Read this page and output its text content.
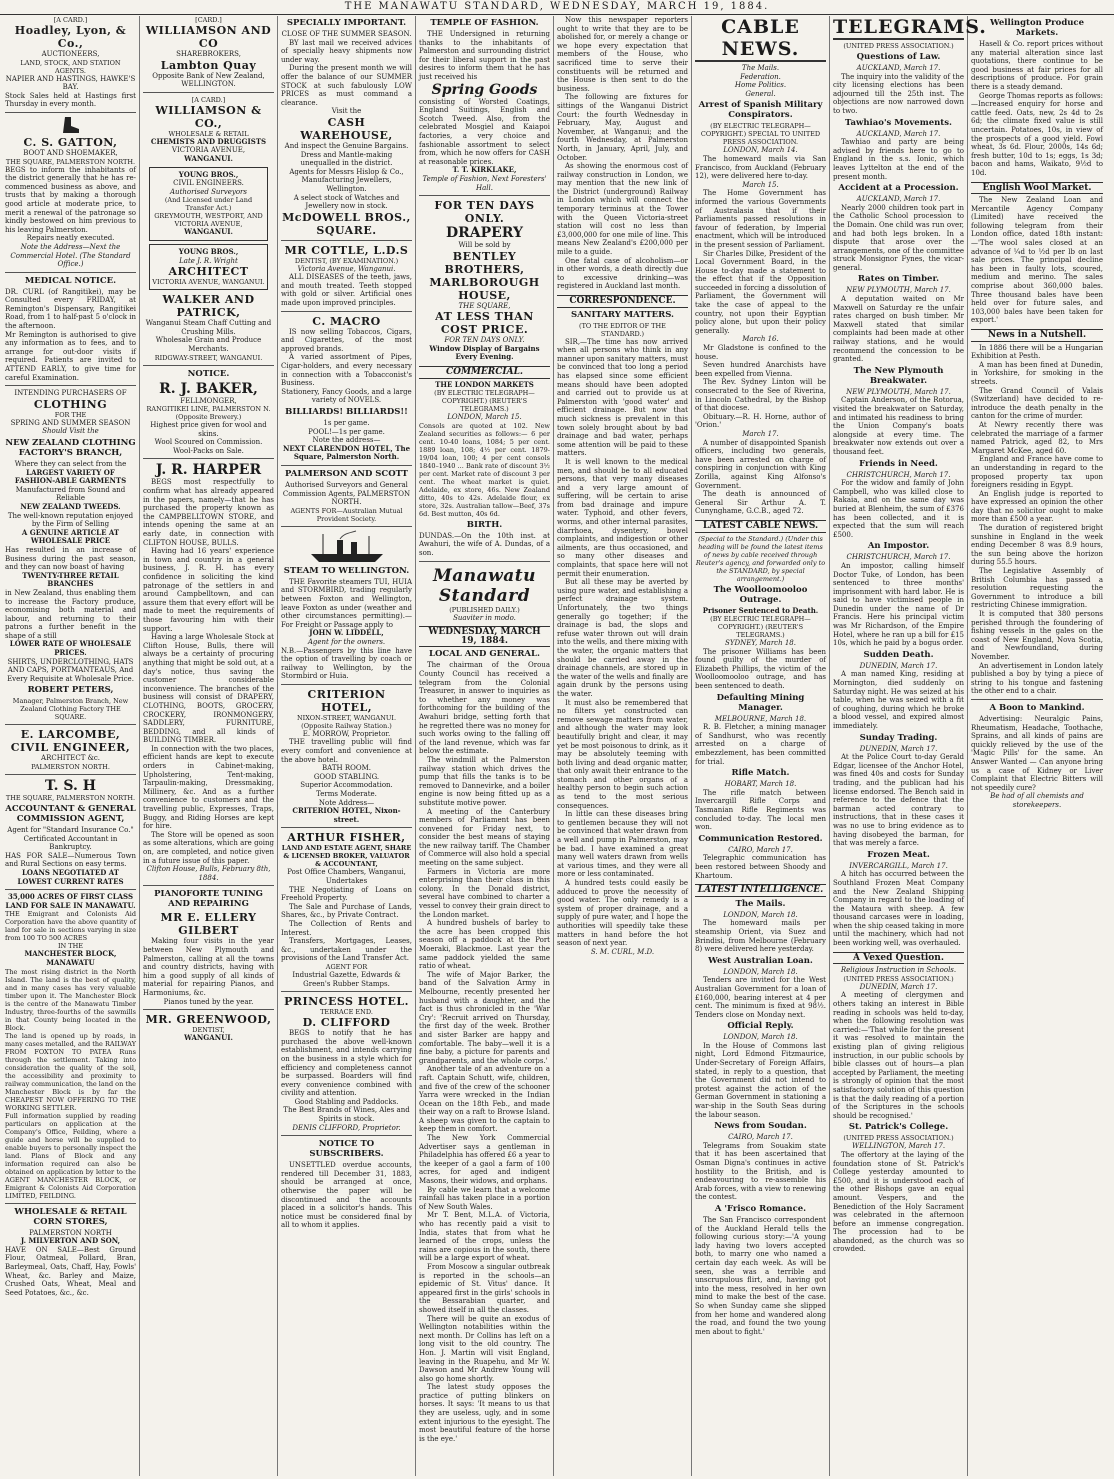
THE MANAWATU STANDARD, WEDNESDAY, MARCH 19, 1884.
[A CARD.]
Hoadley, Lyon, & Co.,
AUCTIONEERS,
LAND, STOCK, AND STATION AGENTS.
NAPIER AND HASTINGS, HAWKE'S BAY.
Stock Sales held at Hastings first Thursday in every month.
C. S. GATTON,
BOOT AND SHOEMAKER,
THE SQUARE, PALMERSTON NORTH.
BEGS to inform the inhabitants of the district generally that he has re-commenced business as above, and trusts that by making a thorough good article at moderate price, to merit a renewal of the patronage so kindly bestowed on him previous to his leaving Palmerston.
Repairs neatly executed.
Note the Address—Next the Commercial Hotel. (The Standard Office.)
MEDICAL NOTICE.
DR. CURL (of Rangitikei), may be Consulted every FRIDAY, at Remington's Dispensary, Rangitikei Road, from 1 to half-past 5 o'clock in the afternoon.
Mr Remington is authorised to give any information as to fees, and to arrange for out-door visits if required. Patients are invited to ATTEND EARLY, to give time for careful Examination.
INTENDING PURCHASERS OF
CLOTHING
FOR THE
SPRING AND SUMMER SEASON
Should Visit the
NEW ZEALAND CLOTHING FACTORY'S BRANCH,
Where they can select from the
LARGEST VARIETY OF FASHION-ABLE GARMENTS
Manufactured from Sound and Reliable
NEW ZEALAND TWEEDS.
The well-known reputation enjoyed by the Firm of Selling
A GENUINE ARTICLE AT WHOLESALE PRICE
Has resulted in an increase of Business during the past season, and they can now boast of having
TWENTY-THREE RETAIL BRANCHES
in New Zealand, thus enabling them to increase the Factory produce, economising both material and labour, and returning to their patrons a further benefit in the shape of a still
LOWER RATE OF WHOLESALE PRICES.
SHIRTS, UNDERCLOTHING, HATS AND CAPS, PORTMANTEAUS, And Every Requisite at Wholesale Price.
ROBERT PETERS,
Manager, Palmerston Branch, New Zealand Clothing Factory THE SQUARE.
E. LARCOMBE,
CIVIL ENGINEER,
ARCHITECT &c.
PALMERSTON NORTH.
T. S. H
THE SQUARE, PALMERSTON NORTH.
ACCOUNTANT & GENERAL COMMISSION AGENT,
Agent for "Standard Insurance Co."
Certificated Accountant in Bankruptcy.
HAS FOR SALE—Numerous Town and Rural Sections on easy terms.
LOANS NEGOTIATED AT LOWEST CURRENT RATES
35,000 ACRES OF FIRST CLASS LAND FOR SALE IN MANAWATU.
THE Emigrant and Colonists Aid Corporation have the above quantity of land for sale in sections varying in size from 100 TO 500 ACRES
IN THE
MANCHESTER BLOCK, MANAWATU
The most rising district in the North Island. The land is the best of quality, and in many cases has very valuable timber upon it. The Manchester Block is the centre of the Manawatu Timber Industry, three-fourths of the sawmills in that County being located in the Block.
The land is opened up by roads, in many cases metalled, and the RAILWAY FROM FOXTON TO PATEA Runs through the settlement. Taking into consideration the quality of the soil, the accessibility and proximity to railway communication, the land on the Manchester Block is by far the CHEAPEST NOW OFFERING TO THE WORKING SETTLER.
Full information supplied by reading particulars on application at the Company's Office, Feilding, where a guide and horse will be supplied to enable buyers to personally inspect the land. Plans of Block and any information required can also be obtained on application by letter to the AGENT MANCHESTER BLOCK, or Emigrant & Colonists Aid Corporation LIMITED, FEILDING.
WHOLESALE & RETAIL CORN STORES,
PALMERSTON NORTH
J. MILVERTON AND SON,
HAVE ON SALE—Best Ground Flour, Oatmeal, Pollard, Bran, Barleymeal, Oats, Chaff, Hay, Fowls' Wheat, &c. Barley and Maize, Crushed Oats, Wheat, Meal and Seed Potatoes, &c., &c.
[CARD.]
WILLIAMSON AND CO
SHAREBROKERS,
Lambton Quay
Opposite Bank of New Zealand, WELLINGTON.
[A CARD.]
WILLIAMSON & CO.,
WHOLESALE & RETAIL
CHEMISTS AND DRUGGISTS
VICTORIA AVENUE,
WANGANUI.
YOUNG BROS.,
CIVIL ENGINEERS.
Authorised Surveyors
(And Licensed under Land Transfer Act.)
GREYMOUTH, WESTPORT, AND VICTORIA AVENUE,
WANGANUI.
YOUNG BROS.,
Late J. R. Wright
ARCHITECT
VICTORIA AVENUE, WANGANUI.
WALKER AND PATRICK,
Wanganui Steam Chaff Cutting and Crushing Mills.
Wholesale Grain and Produce Merchants.
RIDGWAY-STREET, WANGANUI.
NOTICE.
R. J. BAKER,
FELLMONGER,
RANGITIKEI LINE, PALMERSTON N. (Opposite Brewery.)
Highest price given for wool and skins.
Wool Scoured on Commission.
Wool-Packs on Sale.
J. R. HARPER
BEGS most respectfully to confirm what has already appeared in the papers, namely—that he has purchased the property known as the CAMPBELLTOWN STORE, and intends opening the same at an early date, in connection with CLIFTON HOUSE, BULLS.
Having had 16 years' experience in town and country in a general business, J. R. H. has every confidence in soliciting the kind patronage of the settlers in and around Campbelltown, and can assure them that every effort will be made to meet the requirements of those favouring him with their support.
Having a large Wholesale Stock at Clifton House, Bulls, there will always be a certainty of procuring anything that might be sold out, at a day's notice, thus saving the customer considerable inconvenience. The branches of the business will consist of DRAPERY, CLOTHING, BOOTS, GROCERY, CROCKERY, IRONMONGERY, SADDLERY, FURNITURE, BEDDING, and all kinds of BUILDING TIMBER.
In connection with the two places, efficient hands are kept to execute orders in Cabinet-making, Upholstering, Tent-making, Tarpaulin-making, Dressmaking, Millinery, &c. And as a further convenience to customers and the travelling public, Expresses, Traps, Buggy, and Riding Horses are kept for hire.
The Store will be opened as soon as some alterations, which are going on, are completed, and notice given in a future issue of this paper.
Clifton House, Bulls, February 8th, 1884.
PIANOFORTE TUNING AND REPAIRING
MR E. ELLERY GILBERT
Making four visits in the year between New Plymouth and Palmerston, calling at all the towns and country districts, having with him a good supply of all kinds of material for repairing Pianos, and Harmoniums, &c.
Pianos tuned by the year.
MR. GREENWOOD,
DENTIST,
WANGANUI.
SPECIALLY IMPORTANT.
CLOSE OF THE SUMMER SEASON.
BY last mail we received advices of specially heavy shipments now under way.
During the present month we will offer the balance of our SUMMER STOCK at such fabulously LOW PRICES as must command a clearance.
Visit the
CASH WAREHOUSE,
And inspect the Genuine Bargains.
Dress and Mantle-making unequalled in the district.
Agents for Messrs Hislop & Co., Manufacturing Jewellers, Wellington.
A select stock of Watches and Jewellery now in stock.
McDOWELL BROS.,
SQUARE.
MR COTTLE, L.D.S
DENTIST, (BY EXAMINATION.)
Victoria Avenue, Wanganui.
ALL DISEASES of the teeth, jaws, and mouth treated. Teeth stopped with gold or silver. Artificial ones made upon improved principles.
C. MACRO
IS now selling Tobaccos, Cigars, and Cigarettes, of the most approved brands.
A varied assortment of Pipes, Cigar-holders, and every necessary in connection with a Tobacconist's Business.
Stationery, Fancy Goods, and a large variety of NOVELS.
BILLIARDS! BILLIARDS!!
1s per game.
POOL!—1s per game.
Note the address—
NEXT CLARENDON HOTEL, The Square, Palmerston North.
PALMERSON AND SCOTT
Authorised Surveyors and General Commission Agents, PALMERSTON NORTH.
AGENTS FOR—Australian Mutual Provident Society.
STEAM TO WELLINGTON.
THE Favorite steamers TUI, HUIA and STORMBIRD, trading regularly between Foxton and Wellington, leave Foxton as under (weather and other circumstances permitting).—For Freight or Passage apply to
JOHN W. LIDDELL,
Agent for the owners.
N.B.—Passengers by this line have the option of travelling by coach or railway to Wellington, by the Stormbird or Huia.
CRITERION HOTEL,
NIXON-STREET, WANGANUI. (Opposite Railway Station.)
E. MORROW, Proprietor.
THE travelling public will find every comfort and convenience at the above hotel.
BATH ROOM.
GOOD STABLING.
Superior Accommodation.
Terms Moderate.
Note Address—
CRITERION HOTEL, Nixon-street.
ARTHUR FISHER,
LAND AND ESTATE AGENT, SHARE & LICENSED BROKER, VALUATOR & ACCOUNTANT,
Post Office Chambers, Wanganui, Undertakes
THE Negotiating of Loans on Freehold Property.
The Sale and Purchase of Lands, Shares, &c., by Private Contract.
The Collection of Rents and Interest.
Transfers, Mortgages, Leases, &c., undertaken under the provisions of the Land Transfer Act.
AGENT FOR
Industrial Gazette, Edwards & Green's Rubber Stamps.
PRINCESS HOTEL.
TERRACE END.
D. CLIFFORD
BEGS to notify that he has purchased the above well-known establishment, and intends carrying on the business in a style which for efficiency and completeness cannot be surpassed. Boarders will find every convenience combined with civility and attention.
Good Stabling and Paddocks.
The Best Brands of Wines, Ales and Spirits in stock.
DENIS CLIFFORD, Proprietor.
NOTICE TO SUBSCRIBERS.
UNSETTLED overdue accounts, rendered till December 31, 1883, should be arranged at once, otherwise the paper will be discontinued and the accounts placed in a solicitor's hands. This notice must be considered final by all to whom it applies.
TEMPLE OF FASHION.
THE Undersigned in returning thanks to the inhabitants of Palmerston and surrounding district for their liberal support in the past desires to inform them that he has just received his
Spring Goods
consisting of Worsted Coatings, England Suitings, English and Scotch Tweed. Also, from the celebrated Mosgiel and Kaiapoi factories, a very choice and fashionable assortment to select from, which he now offers for CASH at reasonable prices.
T. T. KIRKLAKE,
Temple of Fashion, Next Foresters' Hall.
FOR TEN DAYS ONLY.
DRAPERY
Will be sold by
BENTLEY BROTHERS,
MARLBOROUGH HOUSE,
THE SQUARE,
AT LESS THAN COST PRICE.
FOR TEN DAYS ONLY.
Window Display of Bargains Every Evening.
COMMERCIAL.
THE LONDON MARKETS
(BY ELECTRIC TELEGRAPH—COPYRIGHT.) (REUTER'S TELEGRAMS.)
LONDON, March 15.
Consols are quoted at 102. New Zealand securities as follows:— 6 per cent. 10-40 loans, 1084; 5 per cent. 1889 loan, 108; 4½ per cent. 1879-19/04 loan, 100; 4 per cent consols 1840–1940 ... Bank rate of discount 3½ per cent. Market rate of discount 3 per cent. The wheat market is quiet. Adelaide, ex store, 46s. New Zealand ditto, 40s to 42s. Adelaide flour, ex store, 32s. Australian tallow—Beef, 37s 6d. Best mutton, 40s 6d.
BIRTH.
DUNDAS.—On the 10th inst. at Awahuri, the wife of A. Dundas, of a son.
Manawatu Standard
(PUBLISHED DAILY.)
Suaviter in modo.
WEDNESDAY, MARCH 19, 1884.
LOCAL AND GENERAL.
The chairman of the Oroua County Council has received a telegram from the Colonial Treasurer, in answer to inquiries as to whether any money was forthcoming for the building of the Awahuri bridge, setting forth that he regretted there was no money for such works owing to the falling off of the land revenue, which was far below the estimate.
The windmill at the Palmerston railway station which drives the pump that fills the tanks is to be removed to Dannevirke, and a boiler engine is now being fitted up as a substitute motive power.
A meeting of the Canterbury members of Parliament has been convened for Friday next, to consider the best means of staying the new railway tariff. The Chamber of Commerce will also hold a special meeting on the same subject.
Farmers in Victoria are more enterprising than their class in this colony. In the Donald district, several have combined to charter a vessel to convey their grain direct to the London market.
A hundred bushels of barley to the acre has been cropped this season off a paddock at the Port Moeraki, Blackmoe. Last year the same paddock yielded the same ratio of wheat.
The wife of Major Barker, the band of the Salvation Army in Melbourne, recently presented her husband with a daughter, and the fact is thus chronicled in the 'War Cry': 'Recruit arrived on Thursday, the first day of the week. Brother and sister Barker are happy and comfortable. The baby—well it is a fine baby, a picture for parents and grandparents, and the whole corps.'
Another tale of an adventure on a raft. Captain Schutt, wife, children, and five of the crew of the schooner Yarra were wrecked in the Indian Ocean on the 18th Feb., and made their way on a raft to Browse Island. A sheep was given to the captain to keep them in comfort.
The New York Commercial Advertiser says a gentleman in Philadelphia has offered £6 a year to the keeper of a gaol a farm of 100 acres, for aged and indigent Masons, their widows, and orphans.
By cable we learn that a welcome rainfall has taken place in a portion of New South Wales.
Mr T. Bent, M.L.A. of Victoria, who has recently paid a visit to India, states that from what he learned of the crops, unless the rains are copious in the south, there will be a large export of wheat.
From Moscow a singular outbreak is reported in the schools—an epidemic of St. Vitus' dance. It appeared first in the girls' schools in the Bessarabian quarter, and showed itself in all the classes.
There will be quite an exodus of Wellington notabilities within the next month. Dr Collins has left on a long visit to the old country. The Hon. J. Martin will visit England, leaving in the Ruapehu, and Mr W. Dawson and Mr Andrew Young will also go home shortly.
The latest study opposes the practice of putting blinkers on horses. It says: 'It means to us that they are useless, ugly, and in some extent injurious to the eyesight. The most beautiful feature of the horse is the eye.'
Now this newspaper reporters ought to write that they are to be abolished for, or merely a change or we hope every expectation that members of the House, who sacrificed time to serve their constituents will be returned and the House is then sent to do the business.
The following are fixtures for sittings of the Wanganui District Court: the fourth Wednesday in February, May, August and November, at Wanganui; and the fourth Wednesday, at Palmerston North, in January, April, July, and October.
As showing the enormous cost of railway construction in London, we may mention that the new link of the District (underground) Railway in London which will connect the temporary terminus at the Tower with the Queen Victoria-street station will cost no less than £3,000,000 for one mile of line. This means New Zealand's £200,000 per mile to a guide.
One fatal case of alcoholism—or in other words, a death directly due to excessive drinking—was registered in Auckland last month.
CORRESPONDENCE.
SANITARY MATTERS.
(TO THE EDITOR OF THE STANDARD.)
SIR,—The time has now arrived when all persons who think in any manner upon sanitary matters, must be convinced that too long a period has elapsed since some efficient means should have been adopted and carried out to provide us at Palmerston with 'good water' and efficient drainage. But now that much sickness is prevalent in this town solely brought about by bad drainage and bad water, perhaps some attention will be paid to these matters.
It is well known to the medical men, and should be to all educated persons, that very many diseases and a very large amount of suffering, will be certain to arise from bad drainage and impure water. Typhoid, and other fevers, worms, and other internal parasites, diarrhoea, dysentery, bowel complaints, and indigestion or other ailments, are thus occasioned, and so many other diseases and complaints, that space here will not permit their enumeration.
But all these may be averted by using pure water, and establishing a perfect drainage system. Unfortunately, the two things generally go together; if the drainage is bad, the slops and refuse water thrown out will drain into the wells, and there mixing with the water, the organic matters that should be carried away in the drainage channels, are stored up in the water of the wells and finally are again drunk by the persons using the water.
It must also be remembered that no filters yet constructed can remove sewage matters from water, and although the water may look beautifully bright and clear, it may yet be most poisonous to drink, as it may be absolutely teeming with both living and dead organic matter, that only await their entrance to the stomach and other organs of a healthy person to begin such action as tend to the most serious consequences.
In little can these diseases bring to gentlemen because they will not be convinced that water drawn from a well and pump in Palmerston, may be bad. I have examined a great many well waters drawn from wells at various times, and they were all more or less contaminated.
A hundred tests could easily be adduced to prove the necessity of good water. The only remedy is a system of proper drainage, and a supply of pure water, and I hope the authorities will speedily take these matters in hand before the hot season of next year.
S. M. CURL, M.D.
CABLE NEWS.
The Mails.
Federation.
Home Politics.
General.
Arrest of Spanish Military Conspirators.
(BY ELECTRIC TELEGRAPH—COPYRIGHT.) SPECIAL TO UNITED PRESS ASSOCIATION.
LONDON, March 14.
The homeward mails via San Francisco, from Auckland (February 12), were delivered here to-day.
March 15.
The Home Government has informed the various Governments of Australasia that if their Parliaments passed resolutions in favour of federation, by Imperial enactment, which will be introduced in the present session of Parliament.
Sir Charles Dilke, President of the Local Government Board, in the House to-day made a statement to the effect that if the Opposition succeeded in forcing a dissolution of Parliament, the Government will take the case of appeal to the country, not upon their Egyptian policy alone, but upon their policy generally.
March 16.
Mr Gladstone is confined to the house.
Seven hundred Anarchists have been expelled from Vienna.
The Rev. Sydney Linton will be consecrated to the See of Riverina, in Lincoln Cathedral, by the Bishop of that diocese.
Obituary.—R. H. Horne, author of 'Orion.'
March 17.
A number of disappointed Spanish officers, including two generals, have been arrested on charge of conspiring in conjunction with King Zorilla, against King Alfonso's Government.
The death is announced of General Sir Arthur A. T. Cunynghame, G.C.B., aged 72.
LATEST CABLE NEWS.
(Special to the Standard.) (Under this heading will be found the latest items of news by cable received through Reuter's agency, and forwarded only to the STANDARD, by special arrangement.)
The Woolloomooloo Outrage.
Prisoner Sentenced to Death.
(BY ELECTRIC TELEGRAPH—COPYRIGHT.) (REUTER'S TELEGRAMS.)
SYDNEY, March 18.
The prisoner Williams has been found guilty of the murder of Elizabeth Phillips, the victim of the Woolloomooloo outrage, and has been sentenced to death.
Defaulting Mining Manager.
MELBOURNE, March 18.
R. B. Fletcher, a mining manager of Sandhurst, who was recently arrested on a charge of embezzlement, has been committed for trial.
Rifle Match.
HOBART, March 18.
The rifle match between Invercargill Rifle Corps and Tasmanian Rifle Regiments was concluded to-day. The local men won.
Communication Restored.
CAIRO, March 17.
Telegraphic communication has been restored between Shoody and Khartoum.
LATEST INTELLIGENCE.
The Mails.
LONDON, March 18.
The homeward mails per steamship Orient, via Suez and Brindisi, from Melbourne (February 8) were delivered here yesterday.
West Australian Loan.
LONDON, March 18.
Tenders are invited for the West Australian Government for a loan of £160,000, bearing interest at 4 per cent. The minimum is fixed at 98½. Tenders close on Monday next.
Official Reply.
LONDON, March 18.
In the House of Commons last night, Lord Edmond Fitzmaurice, Under-Secretary of Foreign Affairs, stated, in reply to a question, that the Government did not intend to protest against the action of the German Government in stationing a war-ship in the South Seas during the labour season.
News from Soudan.
CAIRO, March 17.
Telegrams from Souakim state that it has been ascertained that Osman Digna's continues in active hostility to the British, and is endeavouring to re-assemble his Arab forces, with a view to renewing the contest.
A 'Frisco Romance.
The San Francisco correspondent of the Auckland Herald tells the following curious story:—'A young lady having two lovers accepted both, to marry one who named a certain day each week. As will be seen, she was a terrible and unscrupulous flirt, and, having got into the mess, resolved in her own mind to make the best of the case. So when Sunday came she slipped from her home and wandered along the road, and found the two young men about to fight.'
TELEGRAMS.
(UNITED PRESS ASSOCIATION.)
Questions of Law.
AUCKLAND, March 17.
The inquiry into the validity of the city licensing elections has been adjourned till the 25th inst. The objections are now narrowed down to two.
Tawhiao's Movements.
AUCKLAND, March 17.
Tawhiao and party are being advised by friends here to go to England in the s.s. Ionic, which leaves Lyttelton at the end of the present month.
Accident at a Procession.
AUCKLAND, March 17.
Nearly 2000 children took part in the Catholic School procession to the Domain. One child was run over, and had both legs broken. In a dispute that arose over the arrangements, one of the committee struck Monsignor Fynes, the vicar-general.
Rates on Timber.
NEW PLYMOUTH, March 17.
A deputation waited on Mr Maxwell on Saturday re the unfair rates charged on bush timber. Mr Maxwell stated that similar complaints had been made at other railway stations, and he would recommend the concession to be granted.
The New Plymouth Breakwater.
NEW PLYMOUTH, March 17.
Captain Anderson, of the Rotorua, visited the breakwater on Saturday, and intimated his readiness to bring the Union Company's boats alongside at every time. The breakwater now extends out over a thousand feet.
Friends in Need.
CHRISTCHURCH, March 17.
For the widow and family of John Campbell, who was killed close to Rakaia, and on the same day was buried at Blenheim, the sum of £376 has been collected, and it is expected that the sum will reach £500.
An Impostor.
CHRISTCHURCH, March 17.
An impostor, calling himself Doctor Tuke, of London, has been sentenced to three months' imprisonment with hard labor. He is said to have victimised people in Dunedin under the name of Dr Francis. Here his principal victim was Mr Richardson, of the Empire Hotel, where he ran up a bill for £15 10s, which he paid by a bogus order.
Sudden Death.
DUNEDIN, March 17.
A man named King, residing at Mornington, died suddenly on Saturday night. He was seized at his table, when he was seized with a fit of coughing, during which he broke a blood vessel, and expired almost immediately.
Sunday Trading.
DUNEDIN, March 17.
At the Police Court to-day Gerald Edgar, licensee of the Anchor Hotel, was fined 40s and costs for Sunday trading, and the publican had his license endorsed. The Bench said in reference to the defence that the barman acted contrary to instructions, that in these cases it was no use to bring evidence as to having disobeyed the barman, for that was merely a farce.
Frozen Meat.
INVERCARGILL, March 17.
A hitch has occurred between the Southland Frozen Meat Company and the New Zealand Shipping Company in regard to the loading of the Mataura with sheep. A few thousand carcases were in loading, when the ship ceased taking in more until the machinery, which had not been working well, was overhauled.
A Vexed Question.
Religious Instruction in Schools.
(UNITED PRESS ASSOCIATION.)
DUNEDIN, March 17.
A meeting of clergymen and others taking an interest in Bible reading in schools was held to-day, when the following resolution was carried:—'That while for the present it was resolved to maintain the existing plan of giving religious instruction, in our public schools by bible classes out of hours—a plan accepted by Parliament, the meeting is strongly of opinion that the most satisfactory solution of this question is that the daily reading of a portion of the Scriptures in the schools should be recognised.'
St. Patrick's College.
(UNITED PRESS ASSOCIATION.)
WELLINGTON, March 17.
The offertory at the laying of the foundation stone of St. Patrick's College yesterday amounted to £500, and it is understood each of the other Bishops gave an equal amount. Vespers, and the Benediction of the Holy Sacrament was celebrated in the afternoon before an immense congregation. The procession had to be abandoned, as the church was so crowded.
Wellington Produce Markets.
Hasell & Co. report prices without any material alteration since last quotations, there continue to be good business at fair prices for all descriptions of produce. For grain there is a steady demand.
George Thomas reports as follows:—Increased enquiry for horse and cattle feed. Oats, new, 2s 4d to 2s 6d; the climate fixed value is still uncertain. Potatoes, 10s, in view of the prospects of a good yield. Fowl wheat, 3s 6d. Flour, 2000s, 14s 6d; fresh butter, 10d to 1s; eggs, 1s 3d; bacon and hams, Waikato, 9½d to 10d.
English Wool Market.
The New Zealand Loan and Mercantile Agency Company (Limited) have received the following telegram from their London office, dated 18th instant:—'The wool sales closed at an advance of ¼d to ½d per lb on last sale prices. The principal decline has been in faulty lots, scoured, medium and merino. The sales comprise about 360,000 bales. Three thousand bales have been held over for future sales, and 103,000 bales have been taken for export.'
News in a Nutshell.
In 1886 there will be a Hungarian Exhibition at Pesth.
A man has been fined at Dunedin, in Yorkshire, for smoking in the streets.
The Grand Council of Valais (Switzerland) have decided to re-introduce the death penalty in the canton for the crime of murder.
At Newry recently there was celebrated the marriage of a farmer named Patrick, aged 82, to Mrs Margaret McKee, aged 60.
England and France have come to an understanding in regard to the proposed property tax upon foreigners residing in Egypt.
An English judge is reported to have expressed an opinion the other day that no solicitor ought to make more than £500 a year.
The duration of registered bright sunshine in England in the week ending December 8 was 8.9 hours, the sun being above the horizon during 55.5 hours.
The Legislative Assembly of British Columbia has passed a resolution requesting the Government to introduce a bill restricting Chinese immigration.
It is computed that 380 persons perished through the foundering of fishing vessels in the gales on the coast of New England, Nova Scotia, and Newfoundland, during November.
An advertisement in London lately published a boy by tying a piece of string to his tongue and fastening the other end to a chair.
A Boon to Mankind.
Advertising: Neuralgic Pains, Rheumatism, Headache, Toothache, Sprains, and all kinds of pains are quickly relieved by the use of the 'Magic Pills' for the same. An Answer Wanted — Can anyone bring us a case of Kidney or Liver Complaint that Electric Bitters will not speedily cure?
Be had of all chemists and storekeepers.
